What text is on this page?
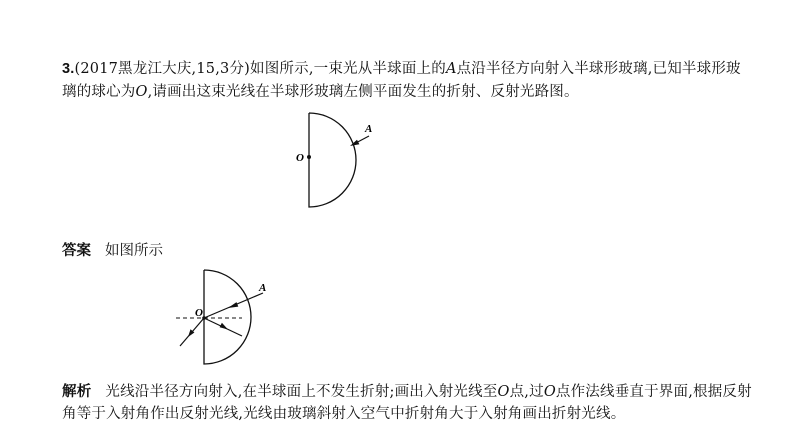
3.(2017黑龙江大庆,15,3分)如图所示,一束光从半球面上的A点沿半径方向射入半球形玻璃,已知半球形玻璃的球心为O,请画出这束光线在半球形玻璃左侧平面发生的折射、反射光路图。
O
A
答案 如图所示
O
A
解析 光线沿半径方向射入,在半球面上不发生折射;画出入射光线至O点,过O点作法线垂直于界面,根据反射角等于入射角作出反射光线,光线由玻璃斜射入空气中折射角大于入射角画出折射光线。
